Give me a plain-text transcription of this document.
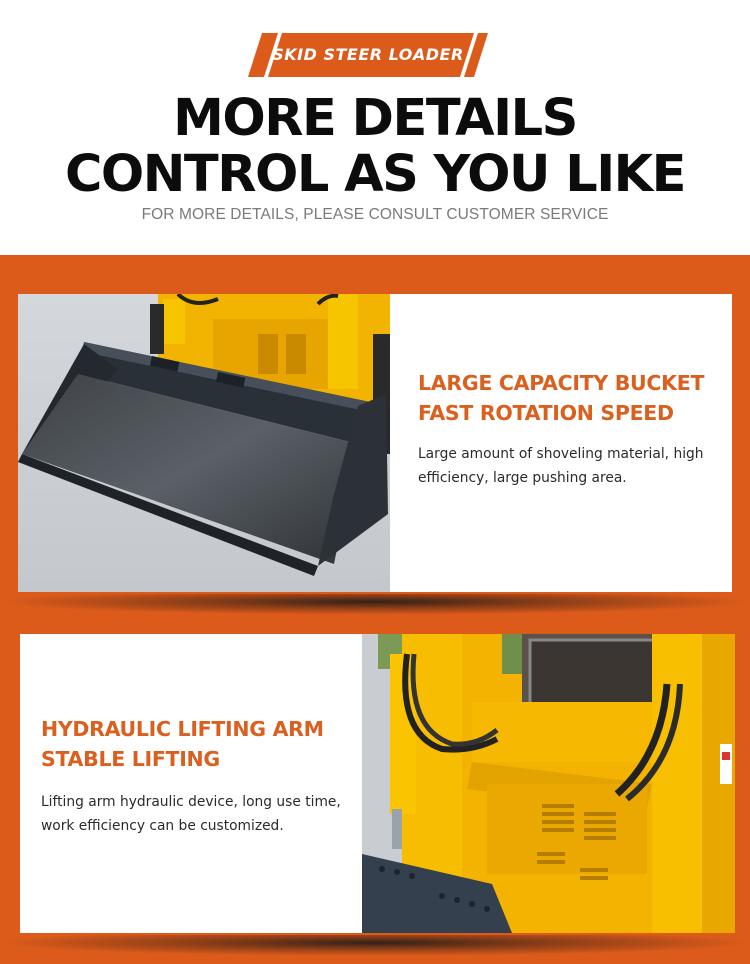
SKID STEER LOADER
MORE DETAILS
CONTROL AS YOU LIKE
FOR MORE DETAILS, PLEASE CONSULT CUSTOMER SERVICE
LARGE CAPACITY BUCKET
FAST ROTATION SPEED
Large amount of shoveling material, high
efficiency, large pushing area.
HYDRAULIC LIFTING ARM
STABLE LIFTING
Lifting arm hydraulic device, long use time,
work efficiency can be customized.
